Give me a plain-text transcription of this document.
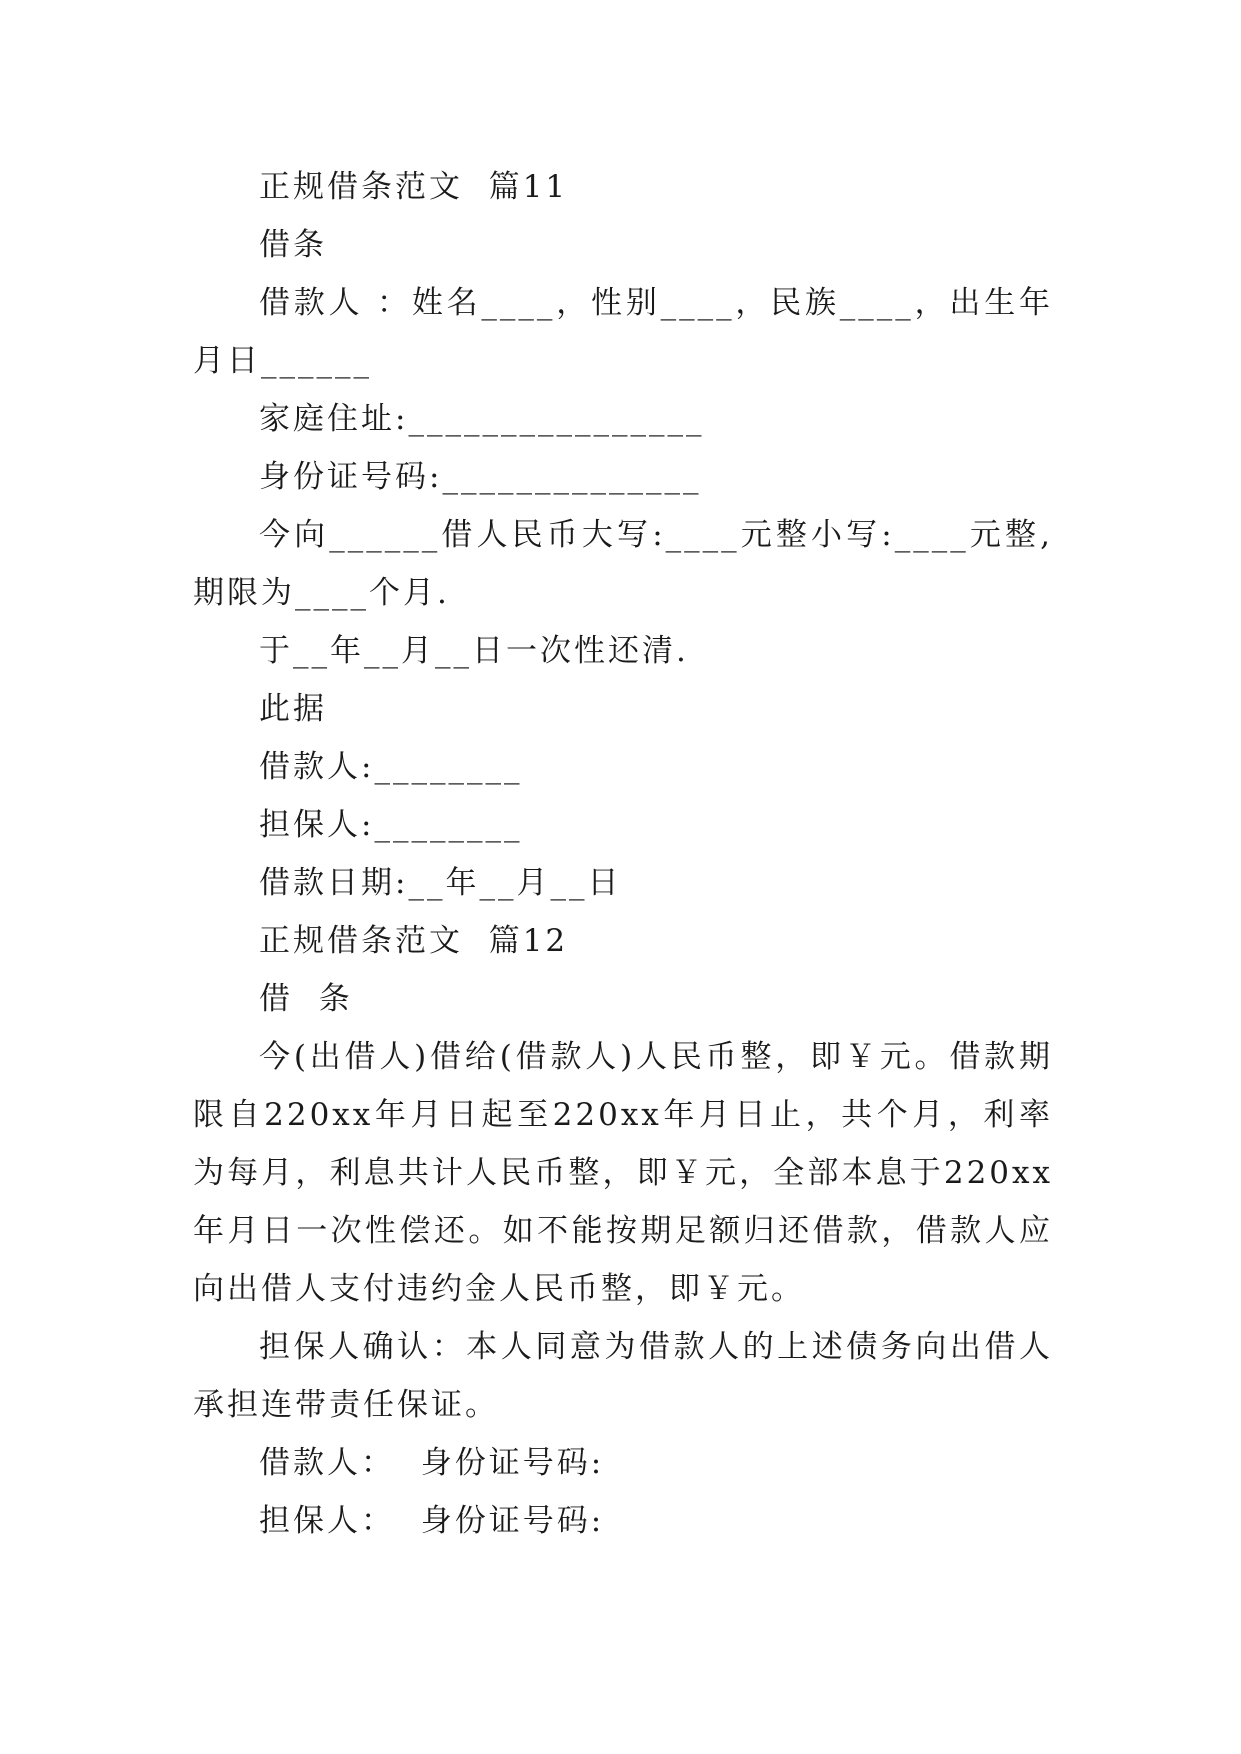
正规借条范文  篇11

借条

借款人 ：姓名____，性别____，民族____，出生年月日______

家庭住址:________________

身份证号码:______________

今向______借人民币大写:____元整小写:____元整,期限为____个月.

于__年__月__日一次性还清.

此据

借款人:________

担保人:________

借款日期:__年__月__日

正规借条范文  篇12

借  条

今(出借人)借给(借款人)人民币整，即￥元。借款期限自220xx年月日起至220xx年月日止，共个月，利率为每月，利息共计人民币整，即￥元，全部本息于220xx年月日一次性偿还。如不能按期足额归还借款，借款人应向出借人支付违约金人民币整，即￥元。

担保人确认：本人同意为借款人的上述债务向出借人承担连带责任保证。

借款人：  身份证号码:

担保人：  身份证号码:
